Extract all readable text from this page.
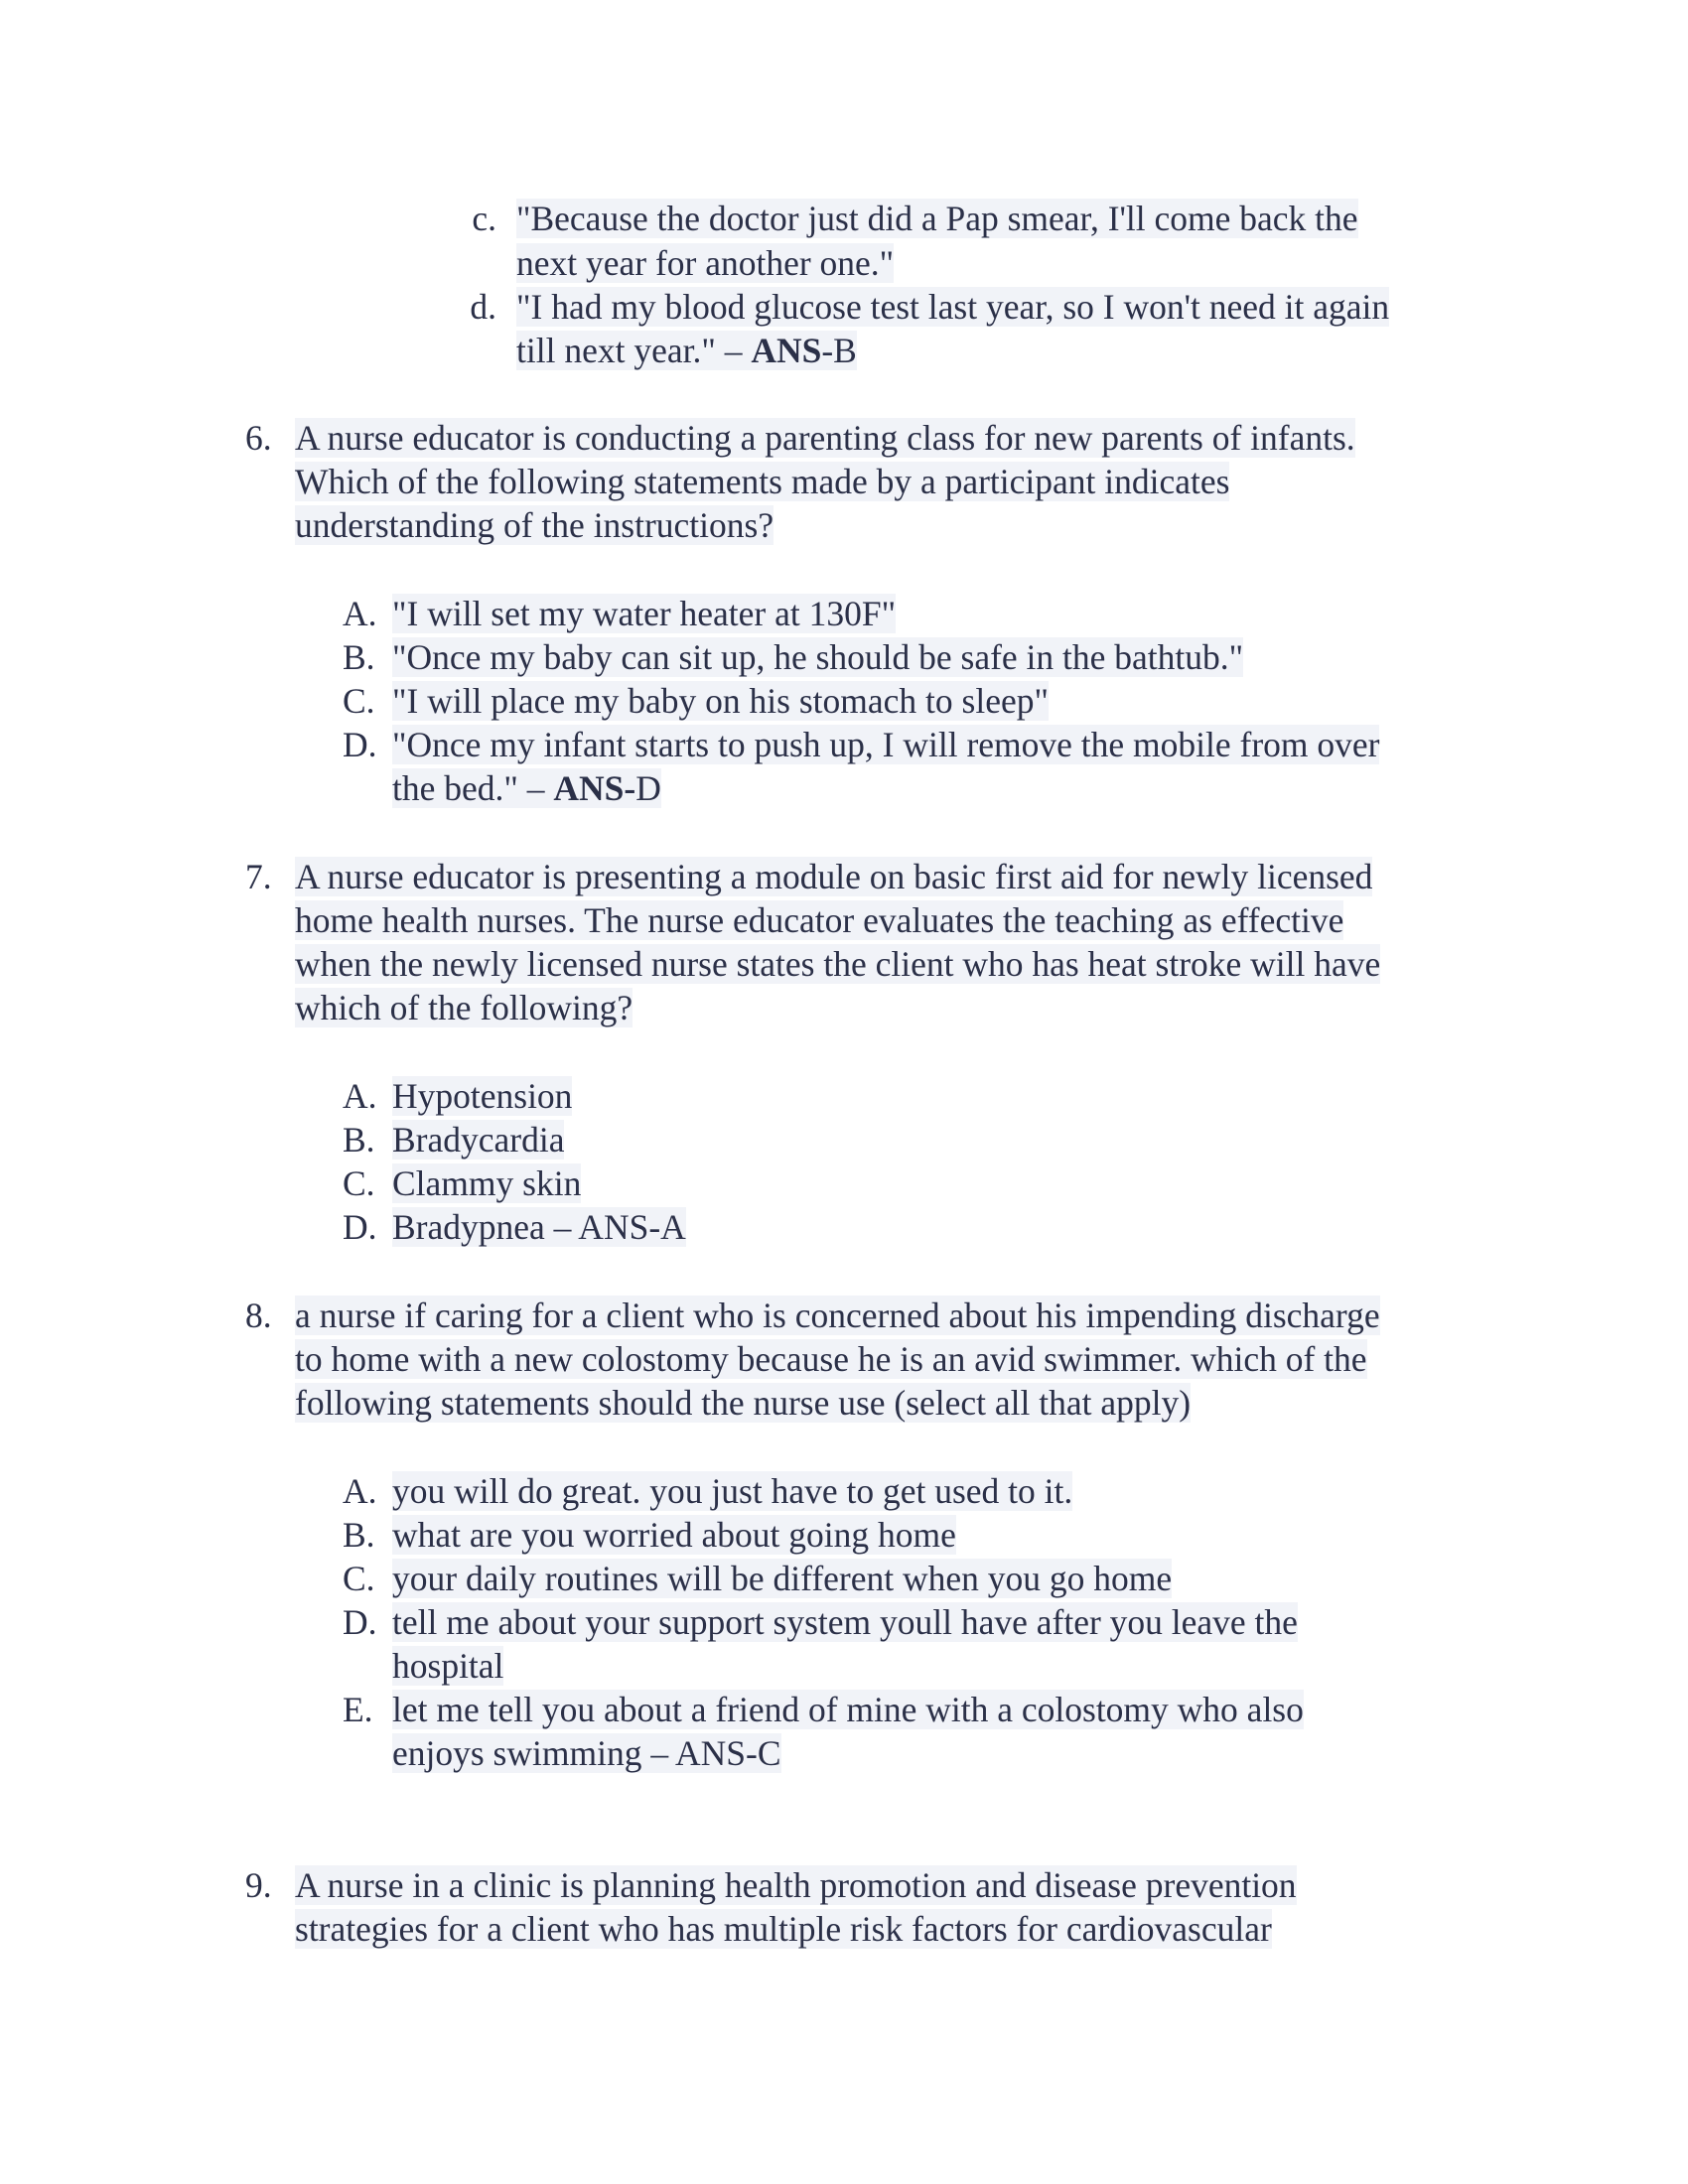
c. "Because the doctor just did a Pap smear, I'll come back the

next year for another one."

d. "I had my blood glucose test last year, so I won't need it again

till next year." – ANS-B

6. A nurse educator is conducting a parenting class for new parents of infants.

Which of the following statements made by a participant indicates

understanding of the instructions?

A. "I will set my water heater at 130F"

B. "Once my baby can sit up, he should be safe in the bathtub."

C. "I will place my baby on his stomach to sleep"

D. "Once my infant starts to push up, I will remove the mobile from over

the bed." – ANS-D

7. A nurse educator is presenting a module on basic first aid for newly licensed

home health nurses. The nurse educator evaluates the teaching as effective

when the newly licensed nurse states the client who has heat stroke will have

which of the following?

A. Hypotension

B. Bradycardia

C. Clammy skin

D. Bradypnea – ANS-A

8. a nurse if caring for a client who is concerned about his impending discharge

to home with a new colostomy because he is an avid swimmer. which of the

following statements should the nurse use (select all that apply)

A. you will do great. you just have to get used to it.

B. what are you worried about going home

C. your daily routines will be different when you go home

D. tell me about your support system youll have after you leave the

hospital

E. let me tell you about a friend of mine with a colostomy who also

enjoys swimming – ANS-C

9. A nurse in a clinic is planning health promotion and disease prevention

strategies for a client who has multiple risk factors for cardiovascular
